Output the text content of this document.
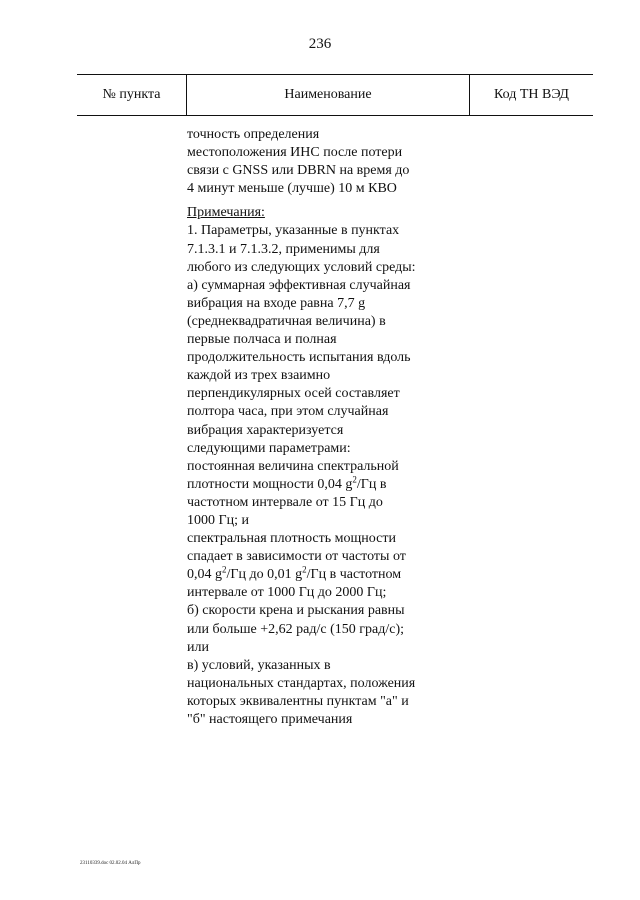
236
№ пункта	Наименование	Код ТН ВЭД
точность определения
местоположения ИНС после потери
связи с GNSS или DBRN на время до
4 минут меньше (лучше) 10 м КВО
Примечания:
1. Параметры, указанные в пунктах
7.1.3.1 и 7.1.3.2, применимы для
любого из следующих условий среды:
а) суммарная эффективная случайная
вибрация на входе равна 7,7 g
(среднеквадратичная величина) в
первые полчаса и полная
продолжительность испытания вдоль
каждой из трех взаимно
перпендикулярных осей составляет
полтора часа, при этом случайная
вибрация характеризуется
следующими параметрами:
постоянная величина спектральной
плотности мощности 0,04 $g^2/Гц$ в
частотном интервале от 15 Гц до
1000 Гц; и
спектральная плотность мощности
спадает в зависимости от частоты от
0,04 $g^2/Гц$ до 0,01 $g^2/Гц$ в частотном
интервале от 1000 Гц до 2000 Гц;
б) скорости крена и рыскания равны
или больше +2,62 рад/с (150 град/с);
или
в) условий, указанных в
национальных стандартах, положения
которых эквивалентны пунктам "а" и
"б" настоящего примечания
23110339.doc 02.02.04 АлПр
